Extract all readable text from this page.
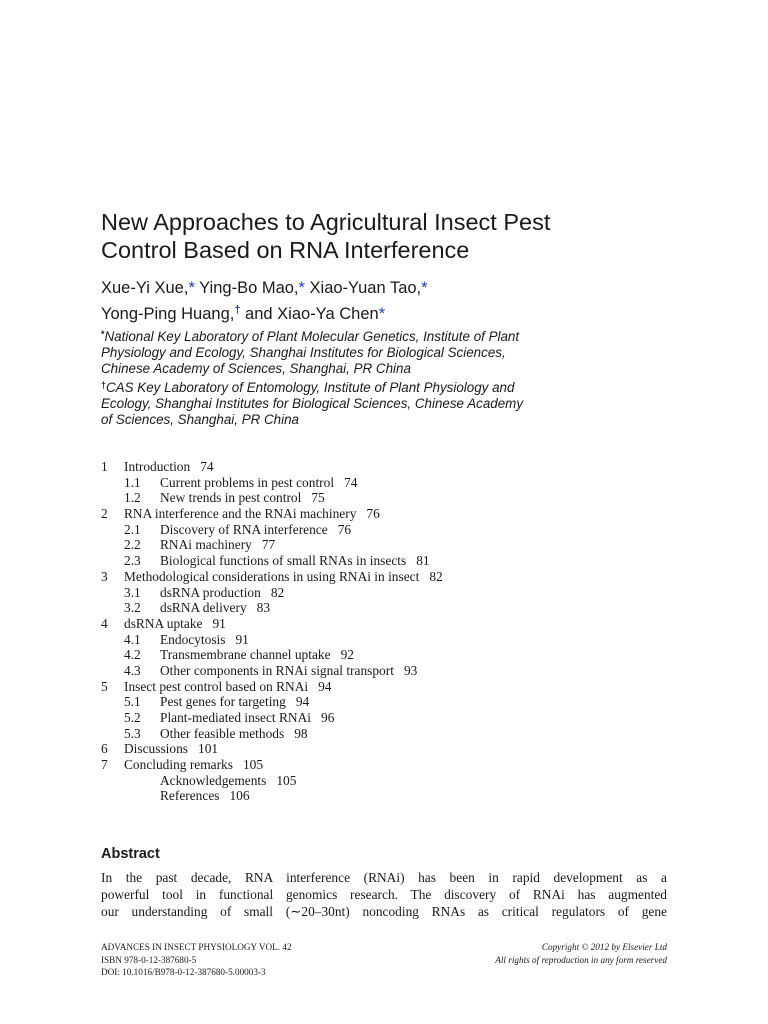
New Approaches to Agricultural Insect Pest
Control Based on RNA Interference
Xue-Yi Xue,* Ying-Bo Mao,* Xiao-Yuan Tao,*
Yong-Ping Huang,† and Xiao-Ya Chen*
*National Key Laboratory of Plant Molecular Genetics, Institute of Plant
Physiology and Ecology, Shanghai Institutes for Biological Sciences,
Chinese Academy of Sciences, Shanghai, PR China
†CAS Key Laboratory of Entomology, Institute of Plant Physiology and
Ecology, Shanghai Institutes for Biological Sciences, Chinese Academy
of Sciences, Shanghai, PR China
1 Introduction 74
1.1 Current problems in pest control 74
1.2 New trends in pest control 75
2 RNA interference and the RNAi machinery 76
2.1 Discovery of RNA interference 76
2.2 RNAi machinery 77
2.3 Biological functions of small RNAs in insects 81
3 Methodological considerations in using RNAi in insect 82
3.1 dsRNA production 82
3.2 dsRNA delivery 83
4 dsRNA uptake 91
4.1 Endocytosis 91
4.2 Transmembrane channel uptake 92
4.3 Other components in RNAi signal transport 93
5 Insect pest control based on RNAi 94
5.1 Pest genes for targeting 94
5.2 Plant-mediated insect RNAi 96
5.3 Other feasible methods 98
6 Discussions 101
7 Concluding remarks 105
Acknowledgements 105
References 106
Abstract
In the past decade, RNA interference (RNAi) has been in rapid development as a
powerful tool in functional genomics research. The discovery of RNAi has augmented
our understanding of small (∼20–30nt) noncoding RNAs as critical regulators of gene
ADVANCES IN INSECT PHYSIOLOGY VOL. 42
ISBN 978-0-12-387680-5
DOI: 10.1016/B978-0-12-387680-5.00003-3
Copyright © 2012 by Elsevier Ltd
All rights of reproduction in any form reserved
